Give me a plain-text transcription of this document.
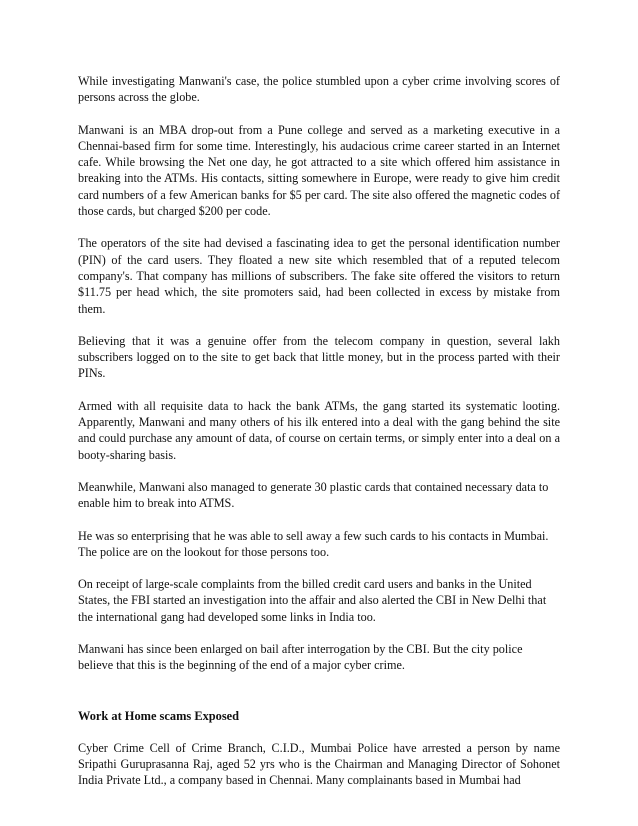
While investigating Manwani's case, the police stumbled upon a cyber crime involving scores of persons across the globe.

Manwani is an MBA drop-out from a Pune college and served as a marketing executive in a Chennai-based firm for some time. Interestingly, his audacious crime career started in an Internet cafe. While browsing the Net one day, he got attracted to a site which offered him assistance in breaking into the ATMs. His contacts, sitting somewhere in Europe, were ready to give him credit card numbers of a few American banks for $5 per card. The site also offered the magnetic codes of those cards, but charged $200 per code.

The operators of the site had devised a fascinating idea to get the personal identification number (PIN) of the card users. They floated a new site which resembled that of a reputed telecom company's. That company has millions of subscribers. The fake site offered the visitors to return $11.75 per head which, the site promoters said, had been collected in excess by mistake from them.

Believing that it was a genuine offer from the telecom company in question, several lakh subscribers logged on to the site to get back that little money, but in the process parted with their PINs.

Armed with all requisite data to hack the bank ATMs, the gang started its systematic looting. Apparently, Manwani and many others of his ilk entered into a deal with the gang behind the site and could purchase any amount of data, of course on certain terms, or simply enter into a deal on a booty-sharing basis.

Meanwhile, Manwani also managed to generate 30 plastic cards that contained necessary data to enable him to break into ATMS.

He was so enterprising that he was able to sell away a few such cards to his contacts in Mumbai. The police are on the lookout for those persons too.

On receipt of large-scale complaints from the billed credit card users and banks in the United States, the FBI started an investigation into the affair and also alerted the CBI in New Delhi that the international gang had developed some links in India too.

Manwani has since been enlarged on bail after interrogation by the CBI. But the city police believe that this is the beginning of the end of a major cyber crime.

Work at Home scams Exposed

Cyber Crime Cell of Crime Branch, C.I.D., Mumbai Police have arrested a person by name Sripathi Guruprasanna Raj, aged 52 yrs who is the Chairman and Managing Director of Sohonet India Private Ltd., a company based in Chennai. Many complainants based in Mumbai had
